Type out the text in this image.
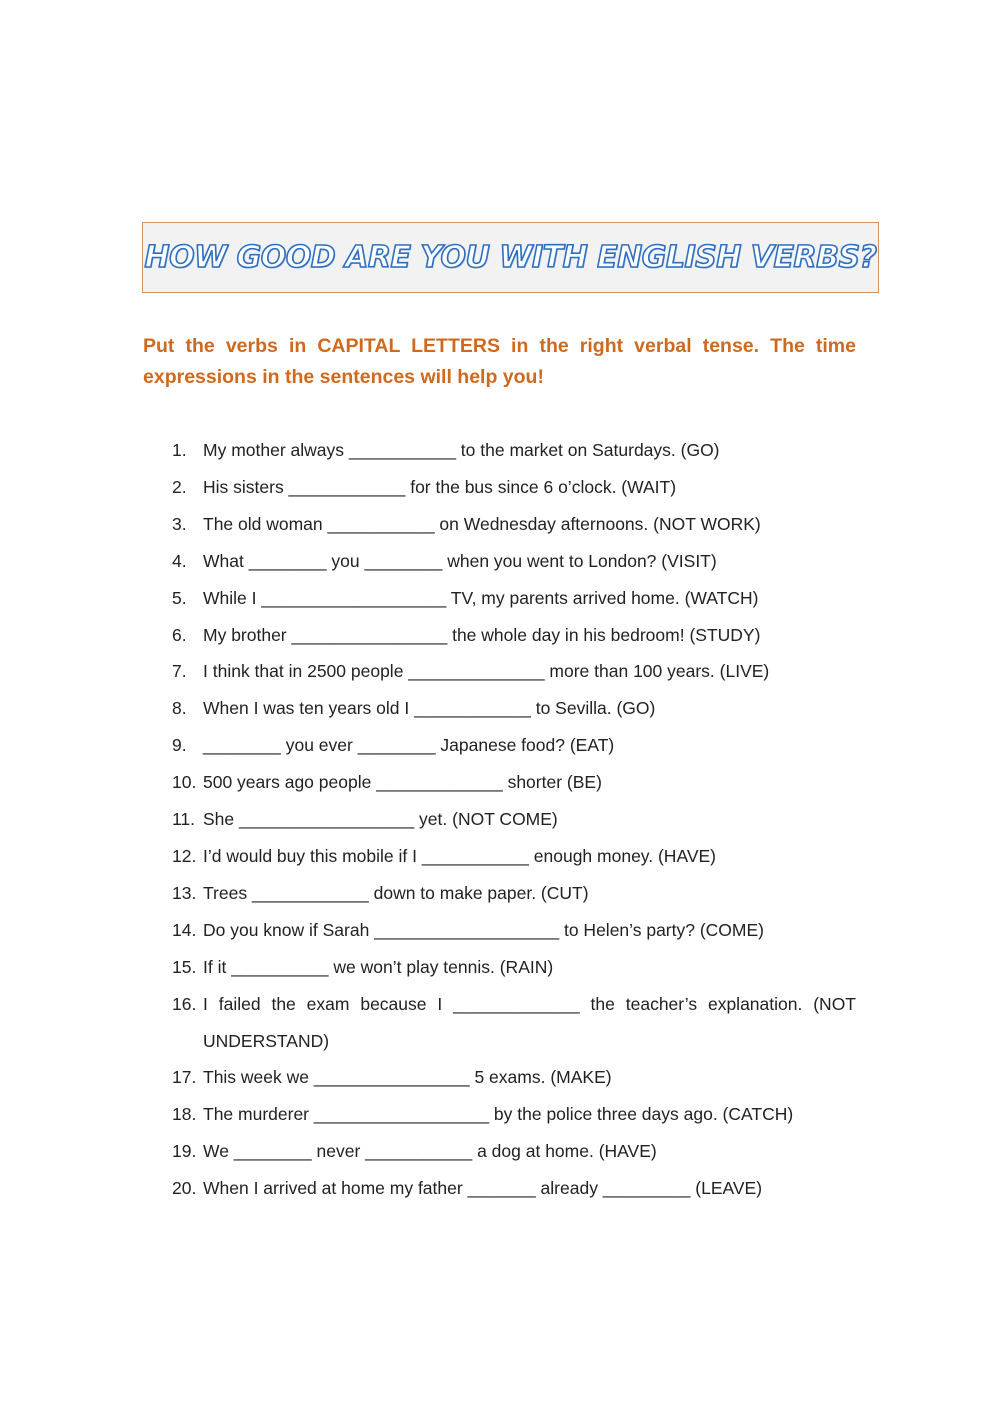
HOW GOOD ARE YOU WITH ENGLISH VERBS?

Put the verbs in CAPITAL LETTERS in the right verbal tense. The time expressions in the sentences will help you!

1. My mother always ___________ to the market on Saturdays. (GO)
2. His sisters ____________ for the bus since 6 o’clock. (WAIT)
3. The old woman ___________ on Wednesday afternoons. (NOT WORK)
4. What ________ you ________ when you went to London? (VISIT)
5. While I ___________________ TV, my parents arrived home. (WATCH)
6. My brother ________________ the whole day in his bedroom! (STUDY)
7. I think that in 2500 people ______________ more than 100 years. (LIVE)
8. When I was ten years old I ____________ to Sevilla. (GO)
9. ________ you ever ________ Japanese food? (EAT)
10. 500 years ago people _____________ shorter (BE)
11. She __________________ yet. (NOT COME)
12. I’d would buy this mobile if I ___________ enough money. (HAVE)
13. Trees ____________ down to make paper. (CUT)
14. Do you know if Sarah ___________________ to Helen’s party? (COME)
15. If it __________ we won’t play tennis. (RAIN)
16. I failed the exam because I _____________ the teacher’s explanation. (NOT UNDERSTAND)
17. This week we ________________ 5 exams. (MAKE)
18. The murderer __________________ by the police three days ago. (CATCH)
19. We ________ never ___________ a dog at home. (HAVE)
20. When I arrived at home my father _______ already _________ (LEAVE)
